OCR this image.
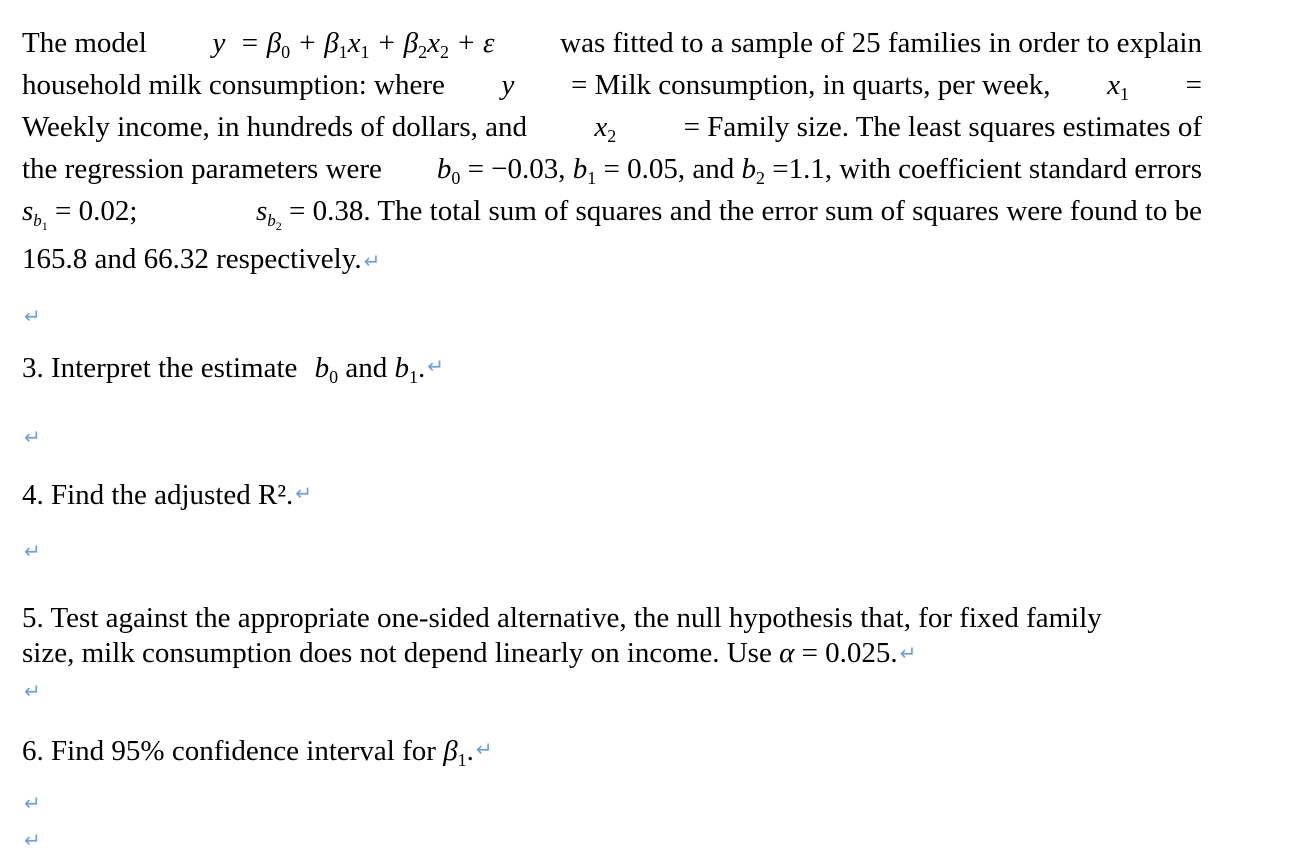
The model $y = \beta_0 + \beta_1x_1 + \beta_2x_2 + \varepsilon$ was fitted to a sample of 25 families in order to explain
household milk consumption: where y = Milk consumption, in quarts, per week, $x_1$ =
Weekly income, in hundreds of dollars, and $x_2$ = Family size. The least squares estimates of
the regression parameters were $b_0 = -0.03$, $b_1 = 0.05$, and $b_2 =1.1$, with coefficient standard errors
$s_{b_1} = 0.02$;	$s_{b_2} = 0.38$. The total sum of squares and the error sum of squares were found to be
165.8 and 66.32 respectively. ↵
↵

3. Interpret the estimate $b_0$ and $b_1$. ↵

↵

4. Find the adjusted R². ↵

↵
5. Test against the appropriate one-sided alternative, the null hypothesis that, for fixed family
size, milk consumption does not depend linearly on income. Use
α = 0.025. ↵
↵

6. Find 95% confidence interval for $\beta_1$. ↵

↵
↵
